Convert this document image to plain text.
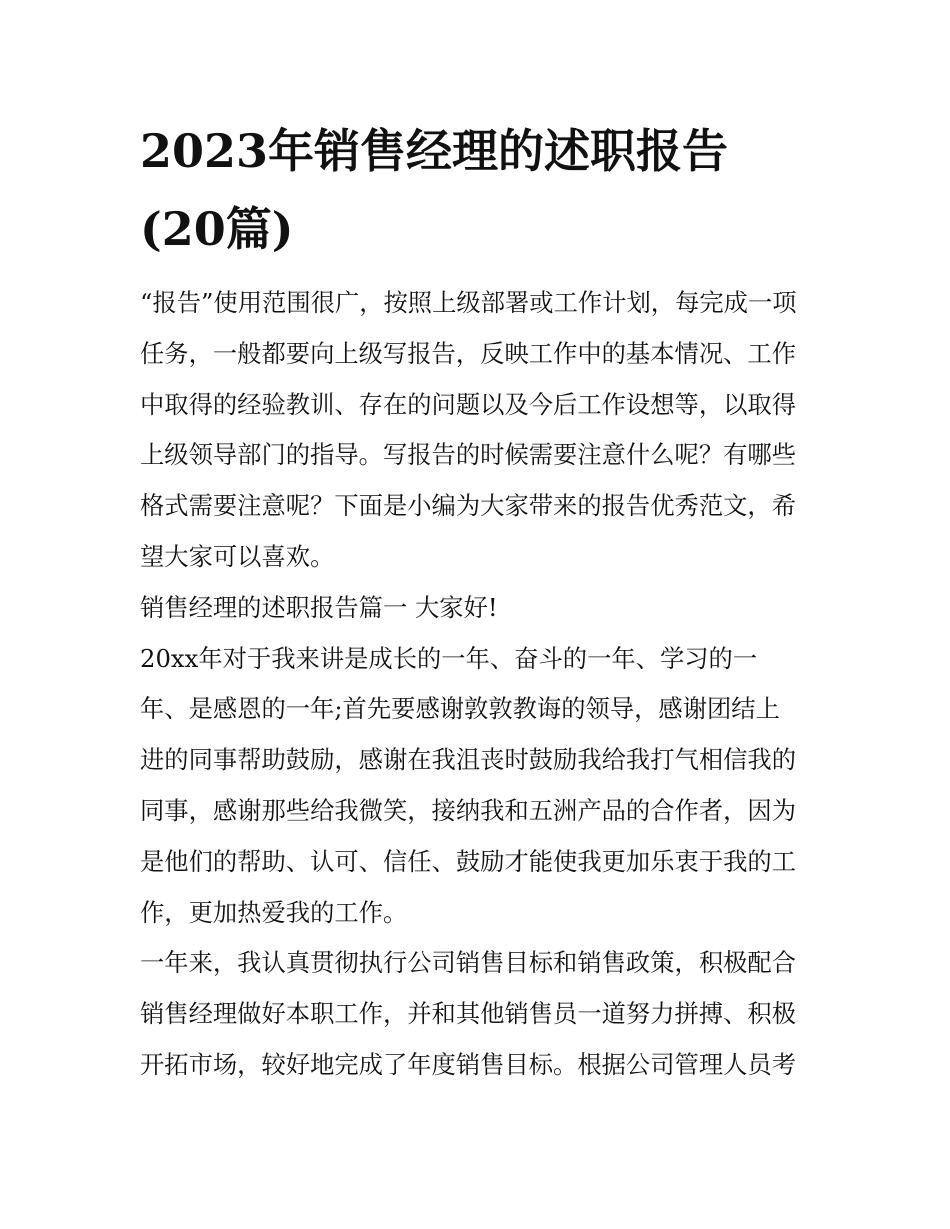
2023年销售经理的述职报告
(20篇)
“报告”使用范围很广，按照上级部署或工作计划，每完成一项
任务，一般都要向上级写报告，反映工作中的基本情况、工作
中取得的经验教训、存在的问题以及今后工作设想等，以取得
上级领导部门的指导。写报告的时候需要注意什么呢？有哪些
格式需要注意呢？下面是小编为大家带来的报告优秀范文，希
望大家可以喜欢。
销售经理的述职报告篇一 大家好!
20xx年对于我来讲是成长的一年、奋斗的一年、学习的一
年、是感恩的一年;首先要感谢敦敦教诲的领导，感谢团结上
进的同事帮助鼓励，感谢在我沮丧时鼓励我给我打气相信我的
同事，感谢那些给我微笑，接纳我和五洲产品的合作者，因为
是他们的帮助、认可、信任、鼓励才能使我更加乐衷于我的工
作，更加热爱我的工作。
一年来，我认真贯彻执行公司销售目标和销售政策，积极配合
销售经理做好本职工作，并和其他销售员一道努力拼搏、积极
开拓市场，较好地完成了年度销售目标。根据公司管理人员考
